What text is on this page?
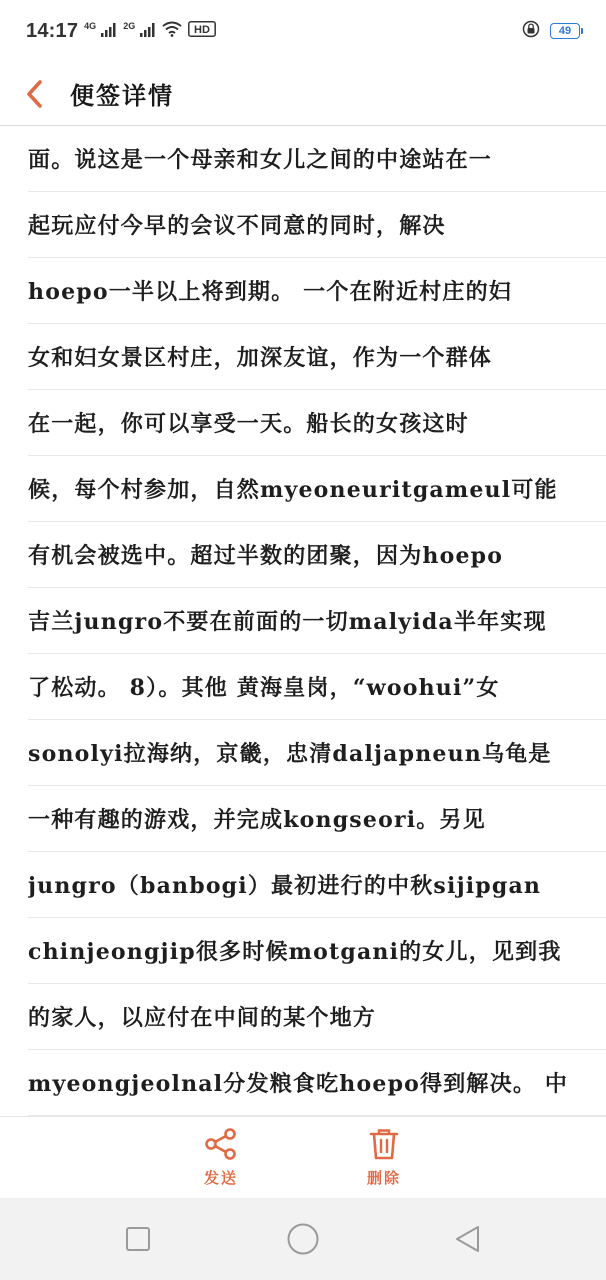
14:17 $^{4G}$	$^{2G}$	HD	49
便签详情
面。说这是一个母亲和女儿之间的中途站在一
起玩应付今早的会议不同意的同时，解决
hoepo一半以上将到期。 一个在附近村庄的妇
女和妇女景区村庄，加深友谊，作为一个群体
在一起，你可以享受一天。船长的女孩这时
候，每个村参加，自然myeoneuritgameul可能
有机会被选中。超过半数的团聚，因为hoepo
吉兰jungro不要在前面的一切malyida半年实现
了松动。 8）。其他 黄海皇岗，“woohui”女
sonolyi拉海纳，京畿，忠清daljapneun乌龟是
一种有趣的游戏，并完成kongseori。另见
jungro（banbogi）最初进行的中秋sijipgan
chinjeongjip很多时候motgani的女儿，见到我
的家人，以应付在中间的某个地方
myeongjeolnal分发粮食吃hoepo得到解决。 中
发送	删除
